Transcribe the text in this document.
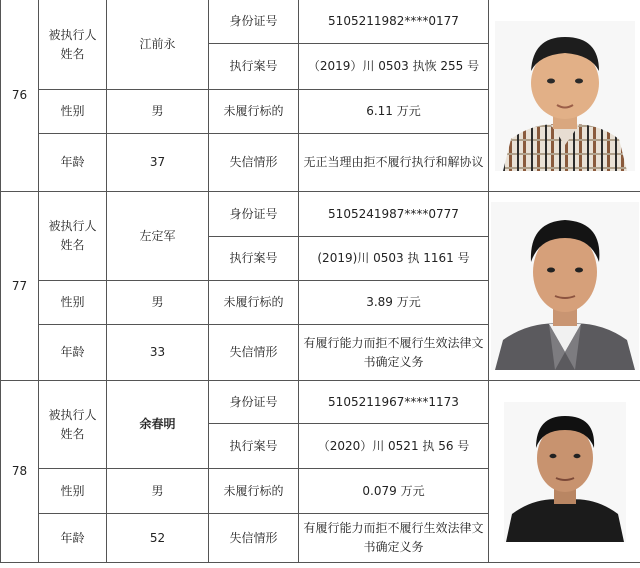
76	被执行人姓名	江前永	身份证号	5105211982****0177	

			执行案号	（2019）川 0503 执恢 255 号	
	性别	男	未履行标的	6.11 万元	
	年龄	37	失信情形	无正当理由拒不履行执行和解协议	
77	被执行人姓名	左定军	身份证号	5105241987****0777	

			执行案号	(2019)川 0503 执 1161 号	
	性别	男	未履行标的	3.89 万元	
	年龄	33	失信情形	有履行能力而拒不履行生效法律文书确定义务	
78	被执行人姓名	余春明	身份证号	5105211967****1173	

			执行案号	（2020）川 0521 执 56 号	
	性别	男	未履行标的	0.079 万元	
	年龄	52	失信情形	有履行能力而拒不履行生效法律文书确定义务	
